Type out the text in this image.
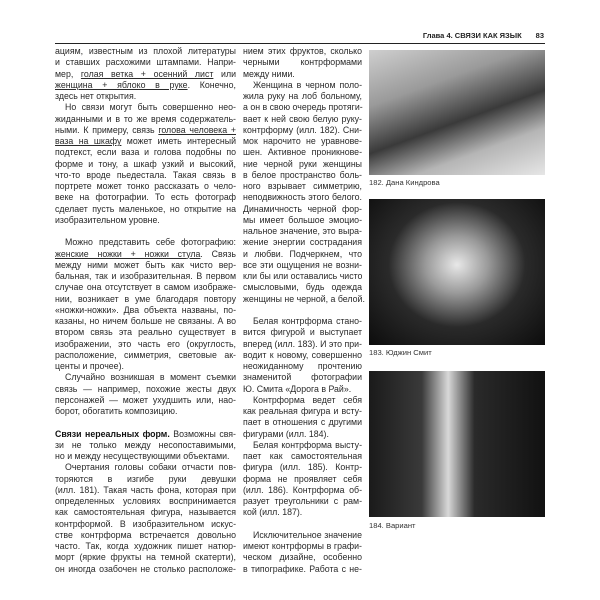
Глава 4. СВЯЗИ КАК ЯЗЫК 83
ациям, известным из плохой литературы
и ставших расхожими штампами. Напри-
мер, голая ветка + осенний лист или
женщина + яблоко в руке. Конечно,
здесь нет открытия.
Но связи могут быть совершенно нео-
жиданными и в то же время содержатель-
ными. К примеру, связь голова человека +
ваза на шкафу может иметь интересный
подтекст, если ваза и голова подобны по
форме и тону, а шкаф узкий и высокий,
что-то вроде пьедестала. Такая связь в
портрете может тонко рассказать о чело-
веке на фотографии. То есть фотограф
сделает пусть маленькое, но открытие на
изобразительном уровне.
Можно представить себе фотографию:
женские ножки + ножки стула. Связь
между ними может быть как чисто вер-
бальная, так и изобразительная. В первом
случае она отсутствует в самом изображе-
нии, возникает в уме благодаря повтору
«ножки-ножки». Два объекта названы, по-
казаны, но ничем больше не связаны. А во
втором связь эта реально существует в
изображении, это часть его (округлость,
расположение, симметрия, световые ак-
центы и прочее).
Случайно возникшая в момент съемки
связь — например, похожие жесты двух
персонажей — может ухудшить или, нао-
борот, обогатить композицию.
Связи нереальных форм. Возможны свя-
зи не только между несопоставимыми,
но и между несуществующими объектами.
Очертания головы собаки отчасти пов-
торяются в изгибе руки девушки
(илл. 181). Такая часть фона, которая при
определенных условиях воспринимается
как самостоятельная фигура, называется
контрформой. В изобразительном искус-
стве контрформа встречается довольно
часто. Так, когда художник пишет натюр-
морт (яркие фрукты на темной скатерти),
он иногда озабочен не столько расположе-
нием этих фруктов, сколько
черными контрформами
между ними.
Женщина в черном поло-
жила руку на лоб больному,
а он в свою очередь протяги-
вает к ней свою белую руку-
контрформу (илл. 182). Сни-
мок нарочито не уравнове-
шен. Активное проникнове-
ние черной руки женщины
в белое пространство боль-
ного взрывает симметрию,
неподвижность этого белого.
Динамичность черной фор-
мы имеет большое эмоцио-
нальное значение, это выра-
жение энергии сострадания
и любви. Подчеркнем, что
все эти ощущения не возни-
кли бы или оставались чисто
смысловыми, будь одежда
женщины не черной, а белой.
Белая контрформа стано-
вится фигурой и выступает
вперед (илл. 183). И это при-
водит к новому, совершенно
неожиданному прочтению
знаменитой фотографии
Ю. Смита «Дорога в Рай».
Контрформа ведет себя
как реальная фигура и всту-
пает в отношения с другими
фигурами (илл. 184).
Белая контрформа высту-
пает как самостоятельная
фигура (илл. 185). Контр-
форма не проявляет себя
(илл. 186). Контрформа об-
разует треугольники с рам-
кой (илл. 187).
Исключительное значение
имеют контрформы в графи-
ческом дизайне, особенно
в типографике. Работа с не-
182. Дана Киндрова
183. Юджин Смит
184. Вариант
